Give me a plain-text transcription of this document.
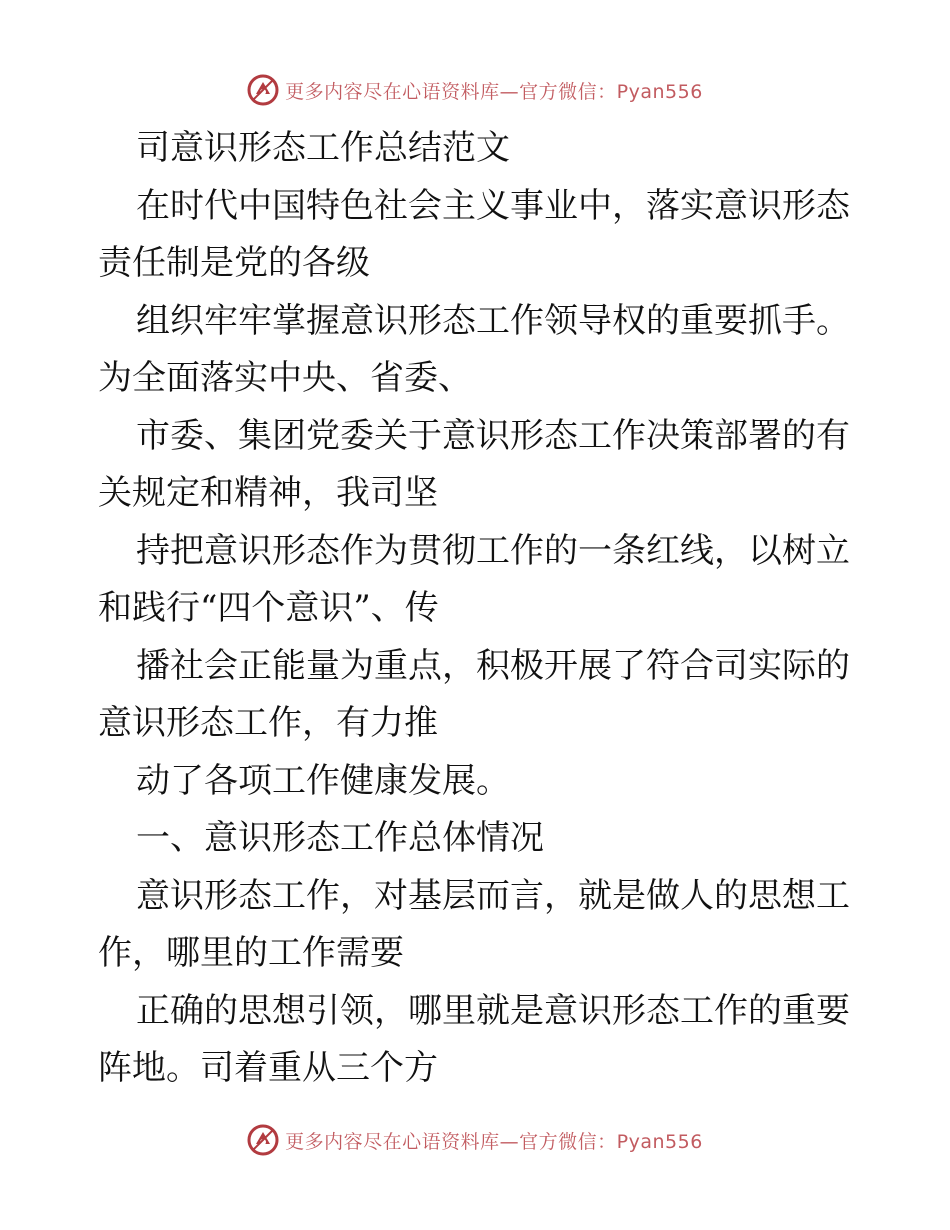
更多内容尽在心语资料库—官方微信：Pyan556
司意识形态工作总结范文
在时代中国特色社会主义事业中，落实意识形态
责任制是党的各级
组织牢牢掌握意识形态工作领导权的重要抓手。
为全面落实中央、省委、
市委、集团党委关于意识形态工作决策部署的有
关规定和精神，我司坚
持把意识形态作为贯彻工作的一条红线，以树立
和践行“四个意识”、传
播社会正能量为重点，积极开展了符合司实际的
意识形态工作，有力推
动了各项工作健康发展。
一、意识形态工作总体情况
意识形态工作，对基层而言，就是做人的思想工
作，哪里的工作需要
正确的思想引领，哪里就是意识形态工作的重要
阵地。司着重从三个方
更多内容尽在心语资料库—官方微信：Pyan556
